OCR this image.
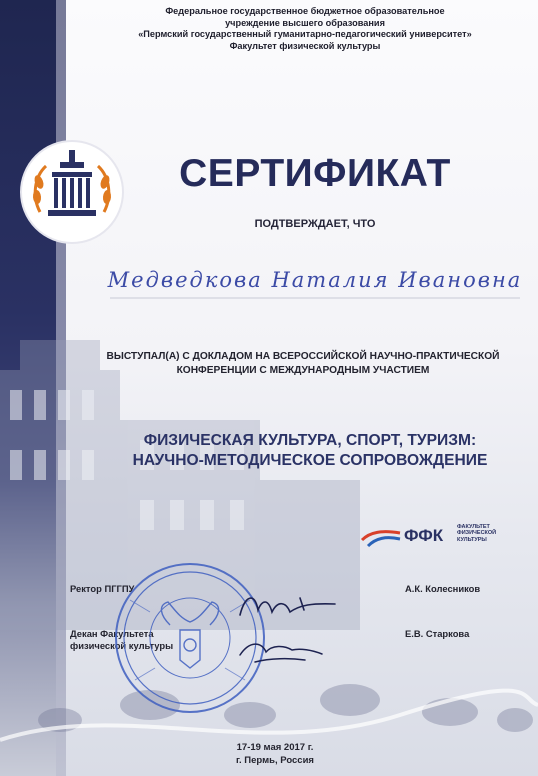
Федеральное государственное бюджетное образовательное
учреждение высшего образования
«Пермский государственный гуманитарно-педагогический университет»
Факультет физической культуры
СЕРТИФИКАТ
ПОДТВЕРЖДАЕТ, ЧТО
Медведкова Наталия Ивановна
ВЫСТУПАЛ(А) С ДОКЛАДОМ НА ВСЕРОССИЙСКОЙ НАУЧНО-ПРАКТИЧЕСКОЙ
КОНФЕРЕНЦИИ С МЕЖДУНАРОДНЫМ УЧАСТИЕМ
ФИЗИЧЕСКАЯ КУЛЬТУРА, СПОРТ, ТУРИЗМ:
НАУЧНО-МЕТОДИЧЕСКОЕ СОПРОВОЖДЕНИЕ
ФФК	ФАКУЛЬТЕТ
ФИЗИЧЕСКОЙ
КУЛЬТУРЫ
Ректор ПГГПУ	А.К. Колесников
Декан Факультета
физической культуры
Е.В. Старкова
17-19 мая 2017 г.
г. Пермь, Россия
